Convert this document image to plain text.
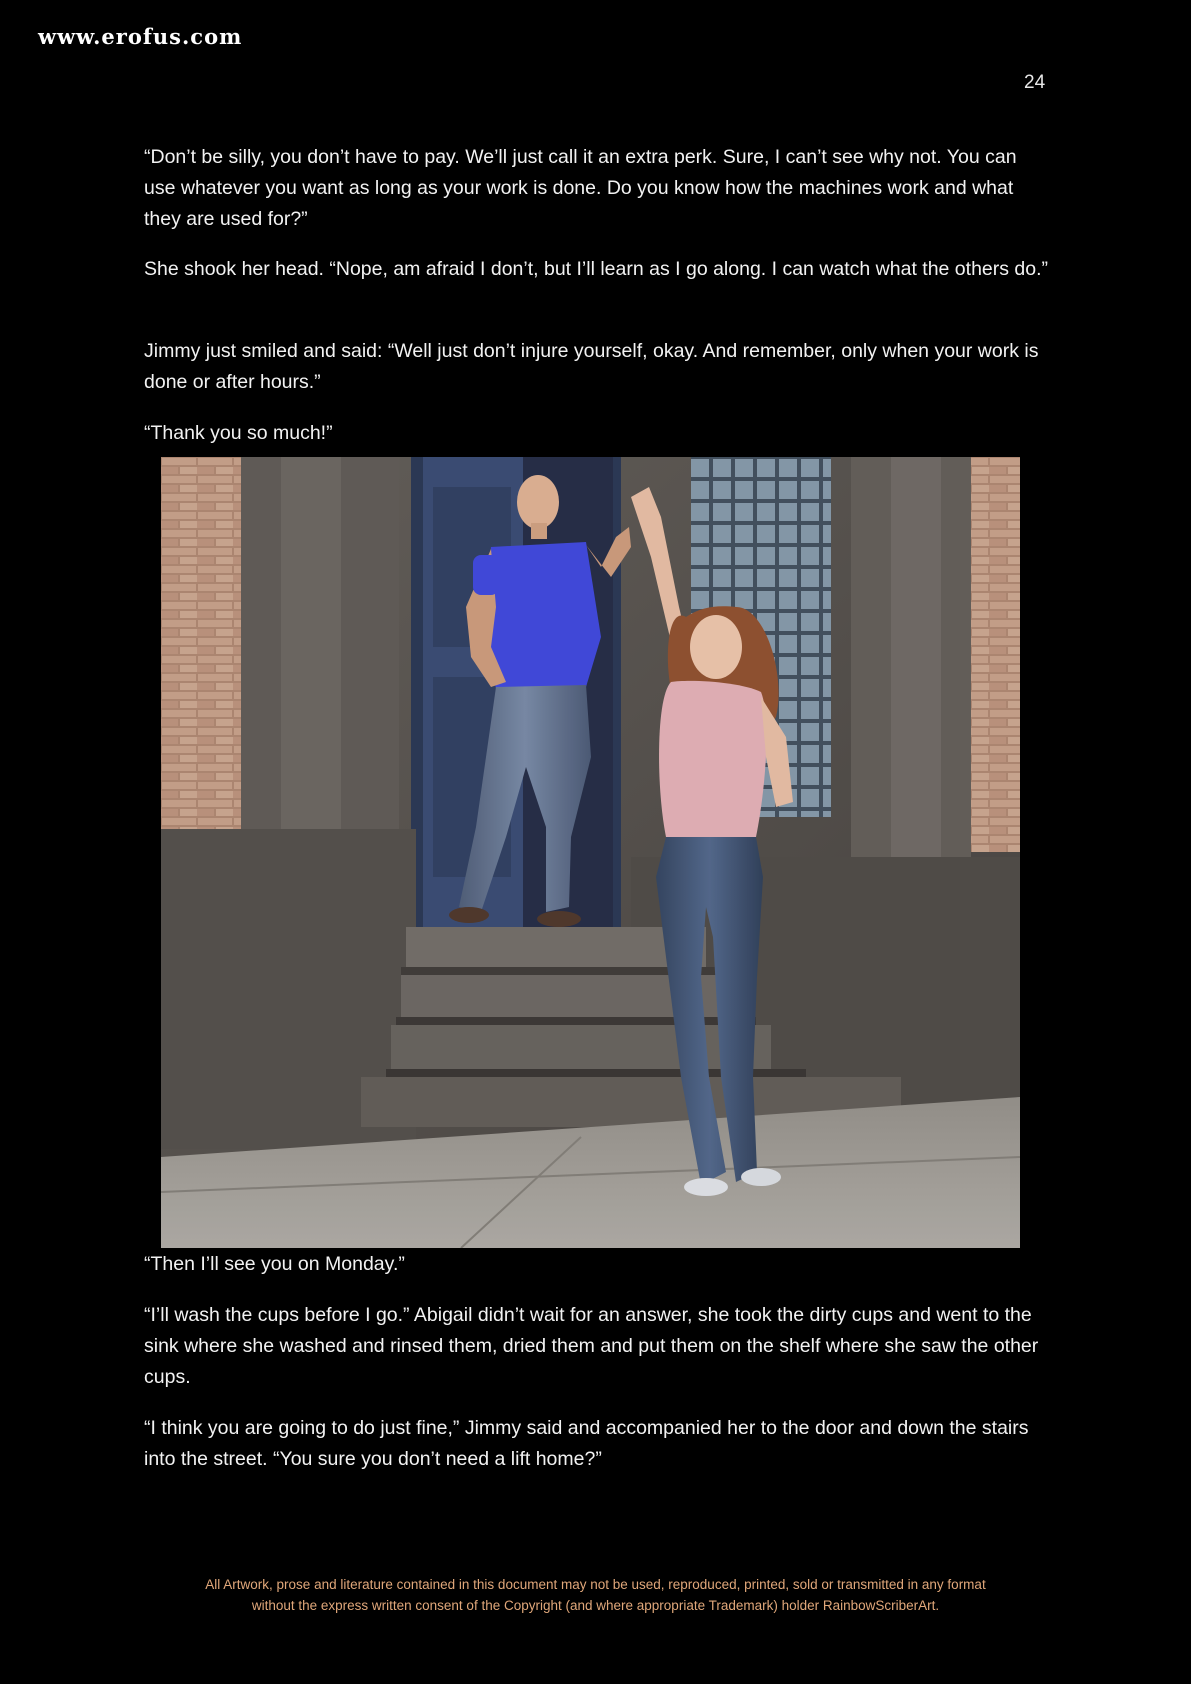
www.erofus.com
24

“Don’t be silly, you don’t have to pay. We’ll just call it an extra perk. Sure, I can’t see why not. You can use whatever you want as long as your work is done. Do you know how the machines work and what they are used for?”

She shook her head. “Nope, am afraid I don’t, but I’ll learn as I go along. I can watch what the others do.”

Jimmy just smiled and said: “Well just don’t injure yourself, okay. And remember, only when your work is done or after hours.”

“Thank you so much!”

“Then I’ll see you on Monday.”

“I’ll wash the cups before I go.” Abigail didn’t wait for an answer, she took the dirty cups and went to the sink where she washed and rinsed them, dried them and put them on the shelf where she saw the other cups.

“I think you are going to do just fine,” Jimmy said and accompanied her to the door and down the stairs into the street. “You sure you don’t need a lift home?”

All Artwork, prose and literature contained in this document may not be used, reproduced, printed, sold or transmitted in any format
without the express written consent of the Copyright (and where appropriate Trademark) holder RainbowScriberArt.
